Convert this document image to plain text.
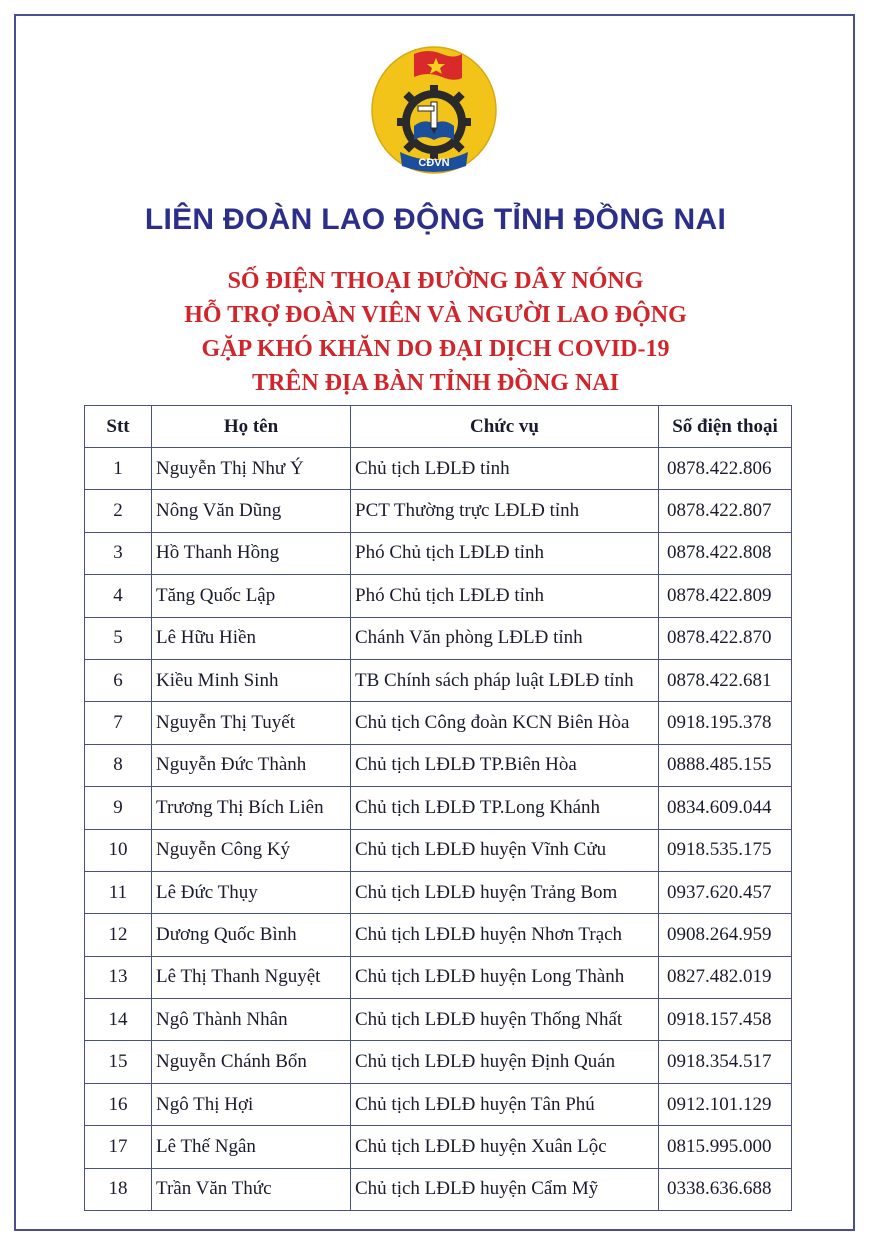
CĐVN
LIÊN ĐOÀN LAO ĐỘNG TỈNH ĐỒNG NAI
SỐ ĐIỆN THOẠI ĐƯỜNG DÂY NÓNG
HỖ TRỢ ĐOÀN VIÊN VÀ NGƯỜI LAO ĐỘNG
GẶP KHÓ KHĂN DO ĐẠI DỊCH COVID-19
TRÊN ĐỊA BÀN TỈNH ĐỒNG NAI
Stt	Họ tên	Chức vụ	Số điện thoại
1	Nguyễn Thị Như Ý	Chủ tịch LĐLĐ tỉnh	0878.422.806
2	Nông Văn Dũng	PCT Thường trực LĐLĐ tỉnh	0878.422.807
3	Hồ Thanh Hồng	Phó Chủ tịch LĐLĐ tỉnh	0878.422.808
4	Tăng Quốc Lập	Phó Chủ tịch LĐLĐ tỉnh	0878.422.809
5	Lê Hữu Hiền	Chánh Văn phòng LĐLĐ tỉnh	0878.422.870
6	Kiều Minh Sinh	TB Chính sách pháp luật LĐLĐ tỉnh	0878.422.681
7	Nguyễn Thị Tuyết	Chủ tịch Công đoàn KCN Biên Hòa	0918.195.378
8	Nguyễn Đức Thành	Chủ tịch LĐLĐ TP.Biên Hòa	0888.485.155
9	Trương Thị Bích Liên	Chủ tịch LĐLĐ TP.Long Khánh	0834.609.044
10	Nguyễn Công Ký	Chủ tịch LĐLĐ huyện Vĩnh Cửu	0918.535.175
11	Lê Đức Thụy	Chủ tịch LĐLĐ huyện Trảng Bom	0937.620.457
12	Dương Quốc Bình	Chủ tịch LĐLĐ huyện Nhơn Trạch	0908.264.959
13	Lê Thị Thanh Nguyệt	Chủ tịch LĐLĐ huyện Long Thành	0827.482.019
14	Ngô Thành Nhân	Chủ tịch LĐLĐ huyện Thống Nhất	0918.157.458
15	Nguyễn Chánh Bổn	Chủ tịch LĐLĐ huyện Định Quán	0918.354.517
16	Ngô Thị Hợi	Chủ tịch LĐLĐ huyện Tân Phú	0912.101.129
17	Lê Thế Ngân	Chủ tịch LĐLĐ huyện Xuân Lộc	0815.995.000
18	Trần Văn Thức	Chủ tịch LĐLĐ huyện Cẩm Mỹ	0338.636.688
